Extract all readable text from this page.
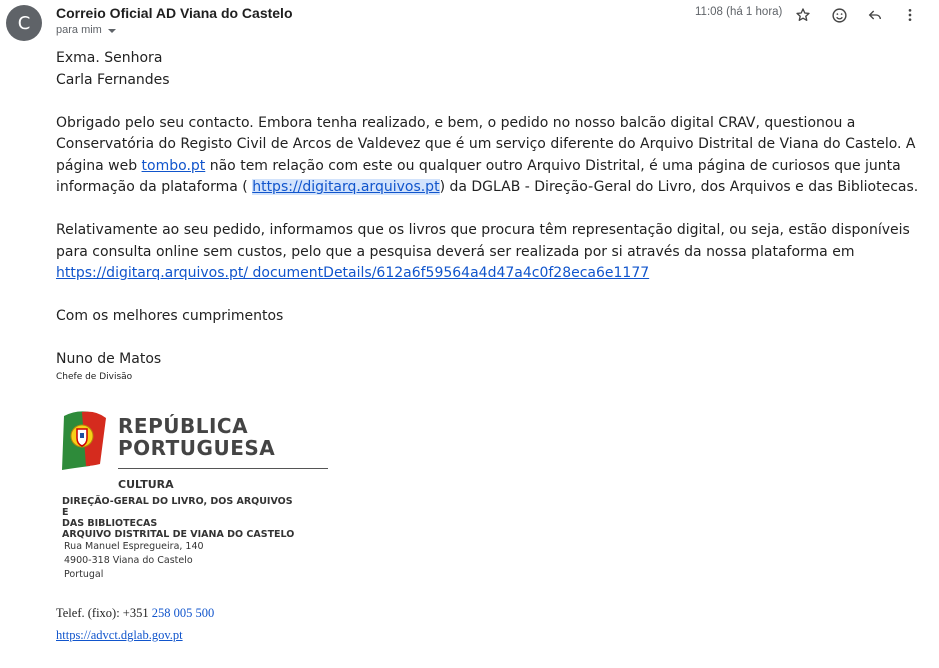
C Correio Oficial AD Viana do Castelo
para mim
11:08 (há 1 hora)

Exma. Senhora

Carla Fernandes

Obrigado pelo seu contacto. Embora tenha realizado, e bem, o pedido no nosso balcão digital CRAV, questionou a Conservatória do Registo Civil de Arcos de Valdevez que é um serviço diferente do Arquivo Distrital de Viana do Castelo. A página web tombo.pt não tem relação com este ou qualquer outro Arquivo Distrital, é uma página de curiosos que junta informação da plataforma ( https://digitarq.arquivos.pt) da DGLAB - Direção-Geral do Livro, dos Arquivos e das Bibliotecas.

Relativamente ao seu pedido, informamos que os livros que procura têm representação digital, ou seja, estão disponíveis para consulta online sem custos, pelo que a pesquisa deverá ser realizada por si através da nossa plataforma em https://digitarq.arquivos.pt/ documentDetails/612a6f59564a4d47a4c0f28eca6e1177

Com os melhores cumprimentos

Nuno de Matos

Chefe de Divisão

REPÚBLICA
PORTUGUESA
CULTURA
DIREÇÃO-GERAL DO LIVRO, DOS ARQUIVOS E
DAS BIBLIOTECAS
ARQUIVO DISTRITAL DE VIANA DO CASTELO
Rua Manuel Espregueira, 140
4900-318 Viana do Castelo
Portugal
Telef. (fixo): +351 258 005 500
https://advct.dglab.gov.pt
